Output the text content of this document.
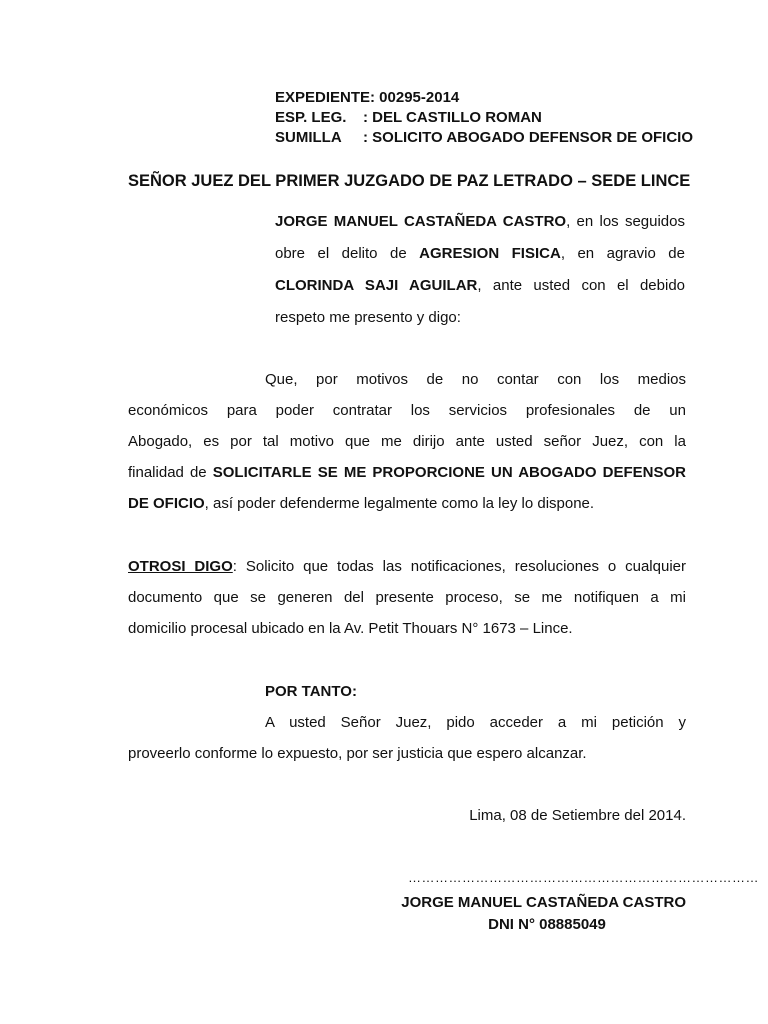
EXPEDIENTE: 00295-2014
ESP. LEG. : DEL CASTILLO ROMAN
SUMILLA : SOLICITO ABOGADO DEFENSOR DE OFICIO
SEÑOR JUEZ DEL PRIMER JUZGADO DE PAZ LETRADO – SEDE LINCE
JORGE MANUEL CASTAÑEDA CASTRO, en los seguidos
obre el delito de AGRESION FISICA, en agravio de
CLORINDA SAJI AGUILAR, ante usted con el debido
respeto me presento y digo:
Que, por motivos de no contar con los medios
económicos para poder contratar los servicios profesionales de un
Abogado, es por tal motivo que me dirijo ante usted señor Juez, con la
finalidad de SOLICITARLE SE ME PROPORCIONE UN ABOGADO DEFENSOR
DE OFICIO, así poder defenderme legalmente como la ley lo dispone.
OTROSI DIGO: Solicito que todas las notificaciones, resoluciones o cualquier
documento que se generen del presente proceso, se me notifiquen a mi
domicilio procesal ubicado en la Av. Petit Thouars N° 1673 – Lince.
POR TANTO:
A usted Señor Juez, pido acceder a mi petición y
proveerlo conforme lo expuesto, por ser justicia que espero alcanzar.
Lima, 08 de Setiembre del 2014.
……………………………………………………………………
JORGE MANUEL CASTAÑEDA CASTRO
DNI N° 08885049
